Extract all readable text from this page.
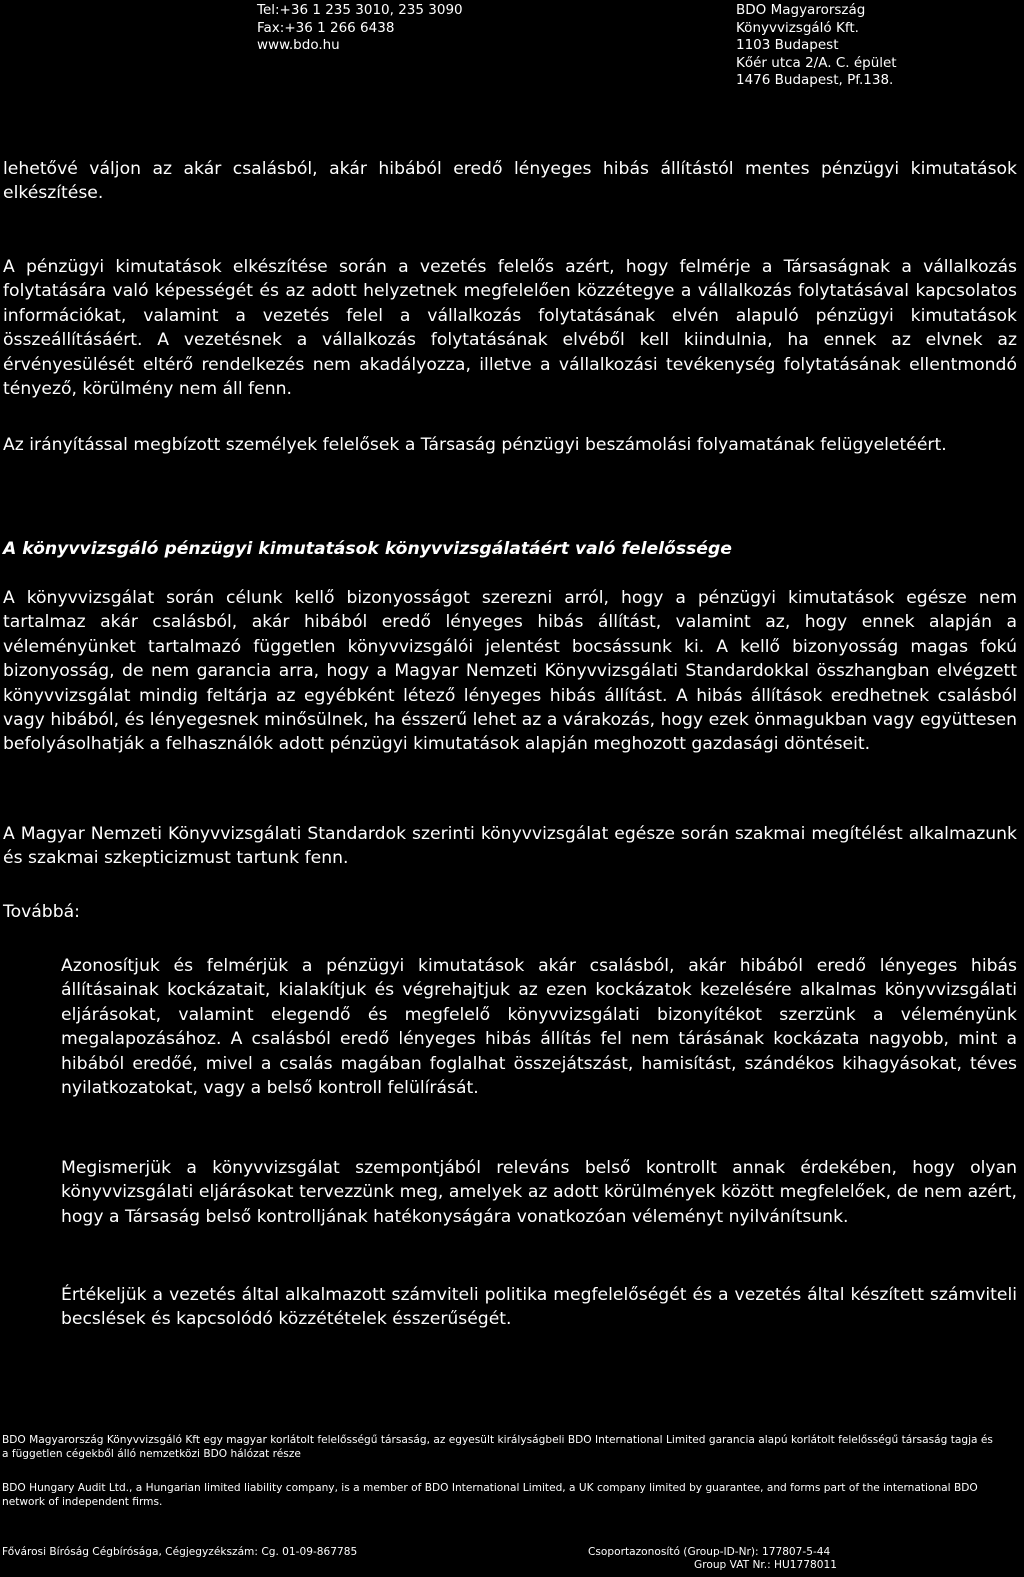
Tel:+36 1 235 3010, 235 3090
Fax:+36 1 266 6438
www.bdo.hu
BDO Magyarország
Könyvvizsgáló Kft.
1103 Budapest
Kőér utca 2/A. C. épület
1476 Budapest, Pf.138.
lehetővé váljon az akár csalásból, akár hibából eredő lényeges hibás állítástól mentes pénzügyi kimutatások elkészítése.
A pénzügyi kimutatások elkészítése során a vezetés felelős azért, hogy felmérje a Társaságnak a vállalkozás folytatására való képességét és az adott helyzetnek megfelelően közzétegye a vállalkozás folytatásával kapcsolatos információkat, valamint a vezetés felel a vállalkozás folytatásának elvén alapuló pénzügyi kimutatások összeállításáért. A vezetésnek a vállalkozás folytatásának elvéből kell kiindulnia, ha ennek az elvnek az érvényesülését eltérő rendelkezés nem akadályozza, illetve a vállalkozási tevékenység folytatásának ellentmondó tényező, körülmény nem áll fenn.
Az irányítással megbízott személyek felelősek a Társaság pénzügyi beszámolási folyamatának felügyeletéért.
A könyvvizsgáló pénzügyi kimutatások könyvvizsgálatáért való felelőssége
A könyvvizsgálat során célunk kellő bizonyosságot szerezni arról, hogy a pénzügyi kimutatások egésze nem tartalmaz akár csalásból, akár hibából eredő lényeges hibás állítást, valamint az, hogy ennek alapján a véleményünket tartalmazó független könyvvizsgálói jelentést bocsássunk ki. A kellő bizonyosság magas fokú bizonyosság, de nem garancia arra, hogy a Magyar Nemzeti Könyvvizsgálati Standardokkal összhangban elvégzett könyvvizsgálat mindig feltárja az egyébként létező lényeges hibás állítást. A hibás állítások eredhetnek csalásból vagy hibából, és lényegesnek minősülnek, ha ésszerű lehet az a várakozás, hogy ezek önmagukban vagy együttesen befolyásolhatják a felhasználók adott pénzügyi kimutatások alapján meghozott gazdasági döntéseit.
A Magyar Nemzeti Könyvvizsgálati Standardok szerinti könyvvizsgálat egésze során szakmai megítélést alkalmazunk és szakmai szkepticizmust tartunk fenn.
Továbbá:
Azonosítjuk és felmérjük a pénzügyi kimutatások akár csalásból, akár hibából eredő lényeges hibás állításainak kockázatait, kialakítjuk és végrehajtjuk az ezen kockázatok kezelésére alkalmas könyvvizsgálati eljárásokat, valamint elegendő és megfelelő könyvvizsgálati bizonyítékot szerzünk a véleményünk megalapozásához. A csalásból eredő lényeges hibás állítás fel nem tárásának kockázata nagyobb, mint a hibából eredőé, mivel a csalás magában foglalhat összejátszást, hamisítást, szándékos kihagyásokat, téves nyilatkozatokat, vagy a belső kontroll felülírását.
Megismerjük a könyvvizsgálat szempontjából releváns belső kontrollt annak érdekében, hogy olyan könyvvizsgálati eljárásokat tervezzünk meg, amelyek az adott körülmények között megfelelőek, de nem azért, hogy a Társaság belső kontrolljának hatékonyságára vonatkozóan véleményt nyilvánítsunk.
Értékeljük a vezetés által alkalmazott számviteli politika megfelelőségét és a vezetés által készített számviteli becslések és kapcsolódó közzétételek ésszerűségét.
BDO Magyarország Könyvvizsgáló Kft egy magyar korlátolt felelősségű társaság, az egyesült királyságbeli BDO International Limited garancia alapú korlátolt felelősségű társaság tagja és a független cégekből álló nemzetközi BDO hálózat része
BDO Hungary Audit Ltd., a Hungarian limited liability company, is a member of BDO International Limited, a UK company limited by guarantee, and forms part of the international BDO network of independent firms.
Fővárosi Bíróság Cégbírósága, Cégjegyzékszám: Cg. 01-09-867785	Csoportazonosító (Group-ID-Nr): 177807-5-44
Group VAT Nr.: HU1778011
